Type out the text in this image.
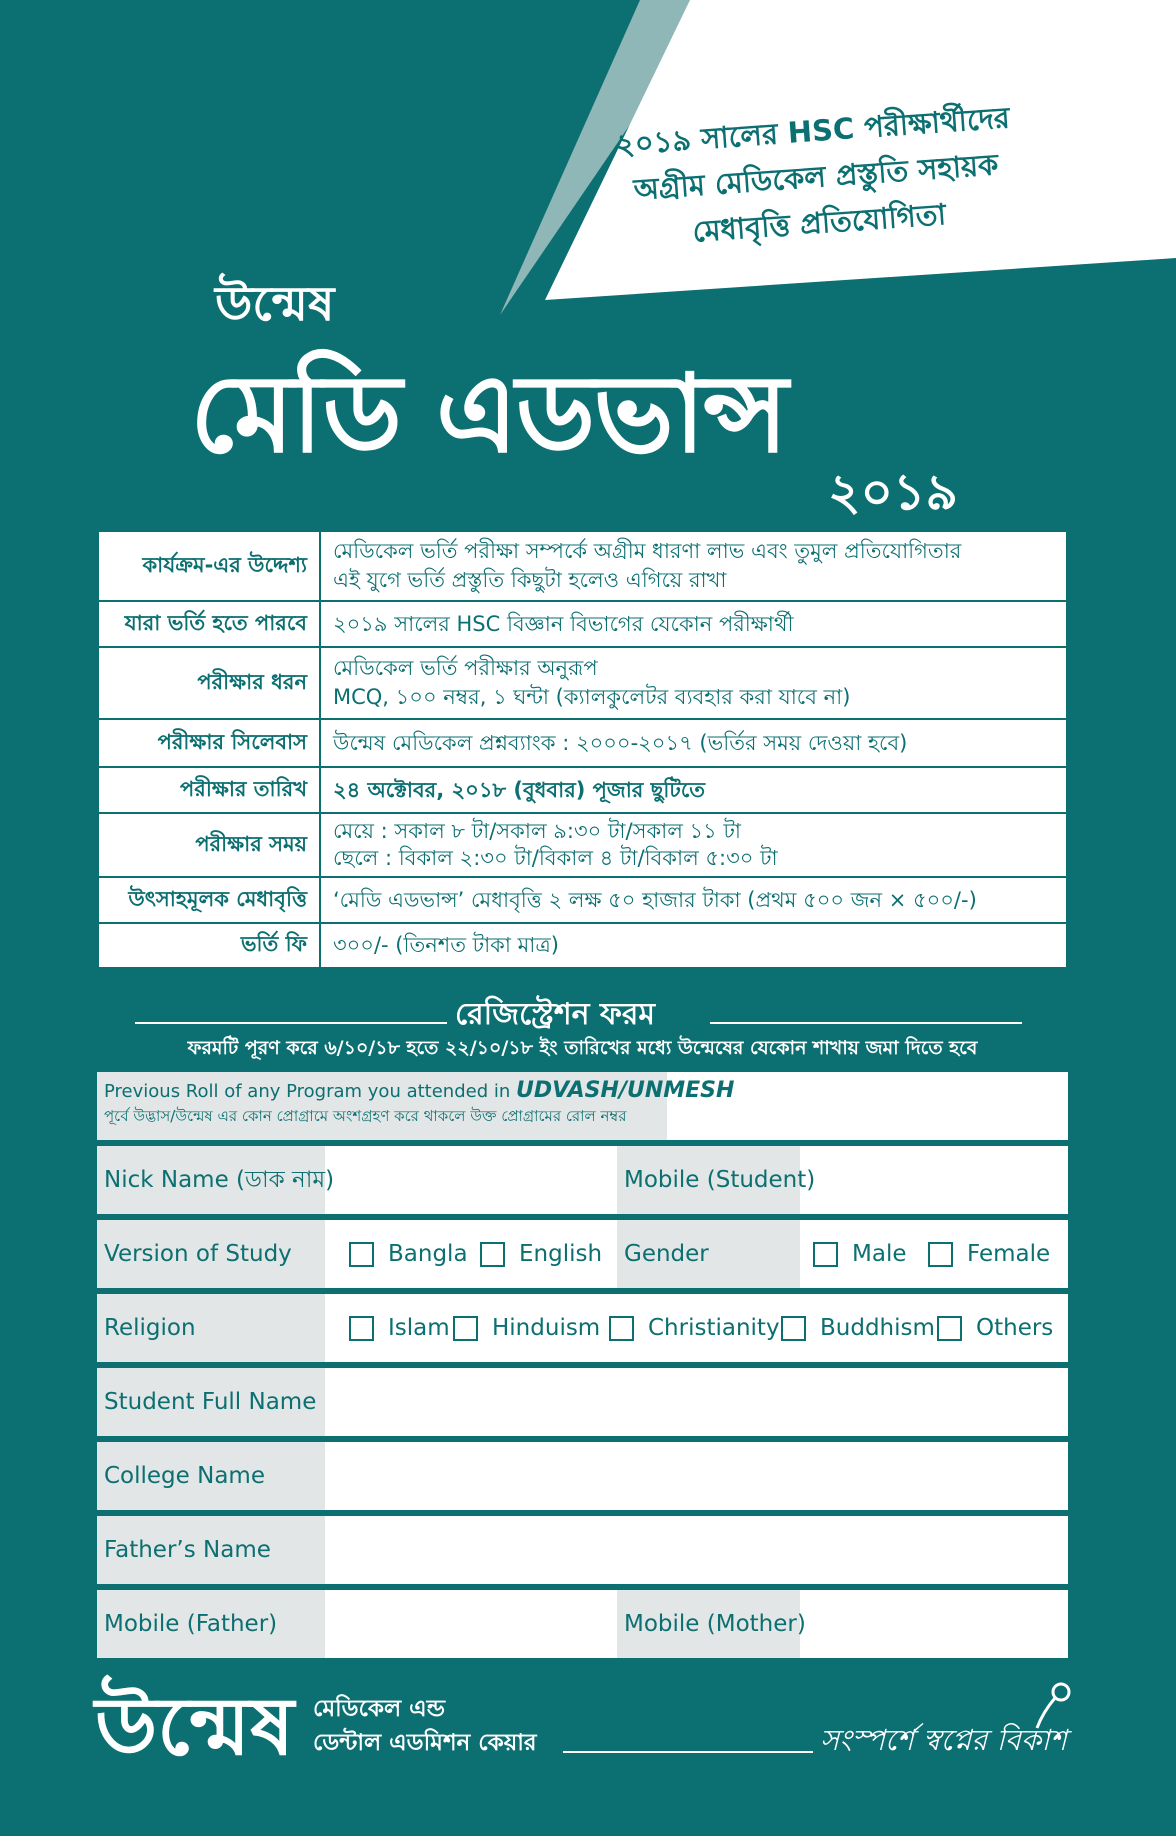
২০১৯ সালের HSC পরীক্ষার্থীদের
অগ্রীম মেডিকেল প্রস্তুতি সহায়ক
মেধাবৃত্তি প্রতিযোগিতা
উন্মেষ
মেডি এডভান্স
২০১৯
কার্যক্রম-এর উদ্দেশ্য	মেডিকেল ভর্তি পরীক্ষা সম্পর্কে অগ্রীম ধারণা লাভ এবং তুমুল প্রতিযোগিতার
এই যুগে ভর্তি প্রস্তুতি কিছুটা হলেও এগিয়ে রাখা

যারা ভর্তি হতে পারবে	২০১৯ সালের HSC বিজ্ঞান বিভাগের যেকোন পরীক্ষার্থী
পরীক্ষার ধরন	মেডিকেল ভর্তি পরীক্ষার অনুরূপ
MCQ, ১০০ নম্বর, ১ ঘন্টা (ক্যালকুলেটর ব্যবহার করা যাবে না)

পরীক্ষার সিলেবাস	উন্মেষ মেডিকেল প্রশ্নব্যাংক : ২০০০-২০১৭ (ভর্তির সময় দেওয়া হবে)
পরীক্ষার তারিখ	২৪ অক্টোবর, ২০১৮ (বুধবার) পূজার ছুটিতে
পরীক্ষার সময়	মেয়ে : সকাল ৮ টা/সকাল ৯:৩০ টা/সকাল ১১ টা
ছেলে : বিকাল ২:৩০ টা/বিকাল ৪ টা/বিকাল ৫:৩০ টা

উৎসাহমূলক মেধাবৃত্তি	‘মেডি এডভান্স’ মেধাবৃত্তি ২ লক্ষ ৫০ হাজার টাকা (প্রথম ৫০০ জন × ৫০০/-)
ভর্তি ফি	৩০০/- (তিনশত টাকা মাত্র)
রেজিস্ট্রেশন ফরম
ফরমটি পূরণ করে ৬/১০/১৮ হতে ২২/১০/১৮ ইং তারিখের মধ্যে উন্মেষের যেকোন শাখায় জমা দিতে হবে
Previous Roll of any Program you attended in UDVASH/UNMESH
পূর্বে উদ্ভাস/উন্মেষ এর কোন প্রোগ্রামে অংশগ্রহণ করে থাকলে উক্ত প্রোগ্রামের রোল নম্বর
Nick Name (ডাক নাম)	Mobile (Student)
Version of Study	Bangla English Gender	Male	Female
Religion	Islam Hinduism Christianity Buddhism Others
Student Full Name
College Name
Father’s Name
Mobile (Father)	Mobile (Mother)
উন্মেষ মেডিকেল এন্ড
ডেন্টাল এডমিশন কেয়ার	সংস্পর্শে স্বপ্নের বিকাশ
